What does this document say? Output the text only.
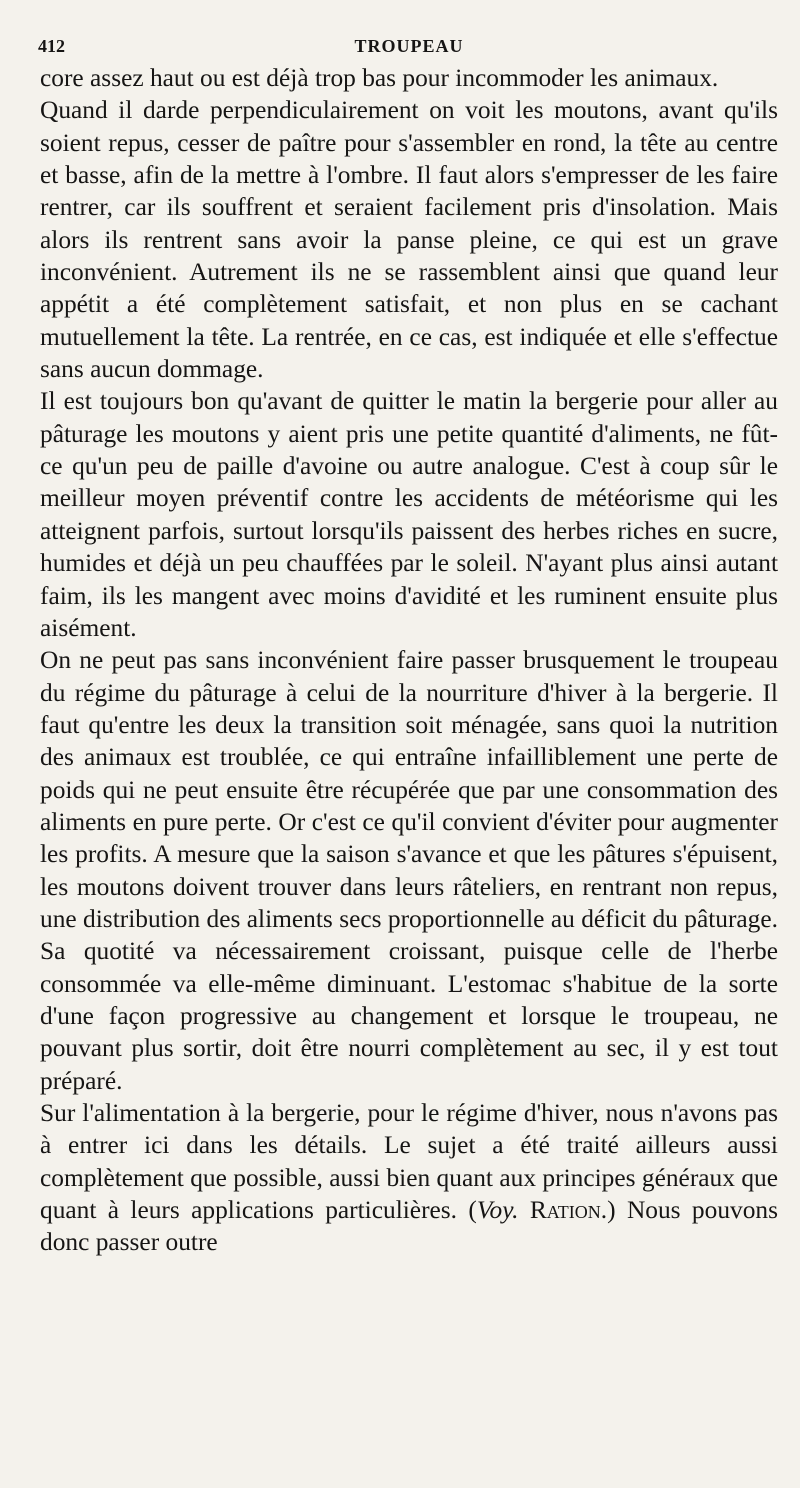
412	TROUPEAU

core assez haut ou est déjà trop bas pour incommoder les animaux.

Quand il darde perpendiculairement on voit les moutons, avant qu'ils soient repus, cesser de paître pour s'assembler en rond, la tête au centre et basse, afin de la mettre à l'ombre. Il faut alors s'empresser de les faire rentrer, car ils souffrent et seraient facilement pris d'insolation. Mais alors ils rentrent sans avoir la panse pleine, ce qui est un grave inconvénient. Autrement ils ne se rassemblent ainsi que quand leur appétit a été complètement satisfait, et non plus en se cachant mutuellement la tête. La rentrée, en ce cas, est indiquée et elle s'effectue sans aucun dommage.

Il est toujours bon qu'avant de quitter le matin la bergerie pour aller au pâturage les moutons y aient pris une petite quantité d'aliments, ne fût-ce qu'un peu de paille d'avoine ou autre analogue. C'est à coup sûr le meilleur moyen préventif contre les accidents de météorisme qui les atteignent parfois, surtout lorsqu'ils paissent des herbes riches en sucre, humides et déjà un peu chauffées par le soleil. N'ayant plus ainsi autant faim, ils les mangent avec moins d'avidité et les ruminent ensuite plus aisément.

On ne peut pas sans inconvénient faire passer brusquement le troupeau du régime du pâturage à celui de la nourriture d'hiver à la bergerie. Il faut qu'entre les deux la transition soit ménagée, sans quoi la nutrition des animaux est troublée, ce qui entraîne infailliblement une perte de poids qui ne peut ensuite être récupérée que par une consommation des aliments en pure perte. Or c'est ce qu'il convient d'éviter pour augmenter les profits. A mesure que la saison s'avance et que les pâtures s'épuisent, les moutons doivent trouver dans leurs râteliers, en rentrant non repus, une distribution des aliments secs proportionnelle au déficit du pâturage. Sa quotité va nécessairement croissant, puisque celle de l'herbe consommée va elle-même diminuant. L'estomac s'habitue de la sorte d'une façon progressive au changement et lorsque le troupeau, ne pouvant plus sortir, doit être nourri complètement au sec, il y est tout préparé.

Sur l'alimentation à la bergerie, pour le régime d'hiver, nous n'avons pas à entrer ici dans les détails. Le sujet a été traité ailleurs aussi complètement que possible, aussi bien quant aux principes généraux que quant à leurs applications particulières. (Voy. Ration.) Nous pouvons donc passer outre
